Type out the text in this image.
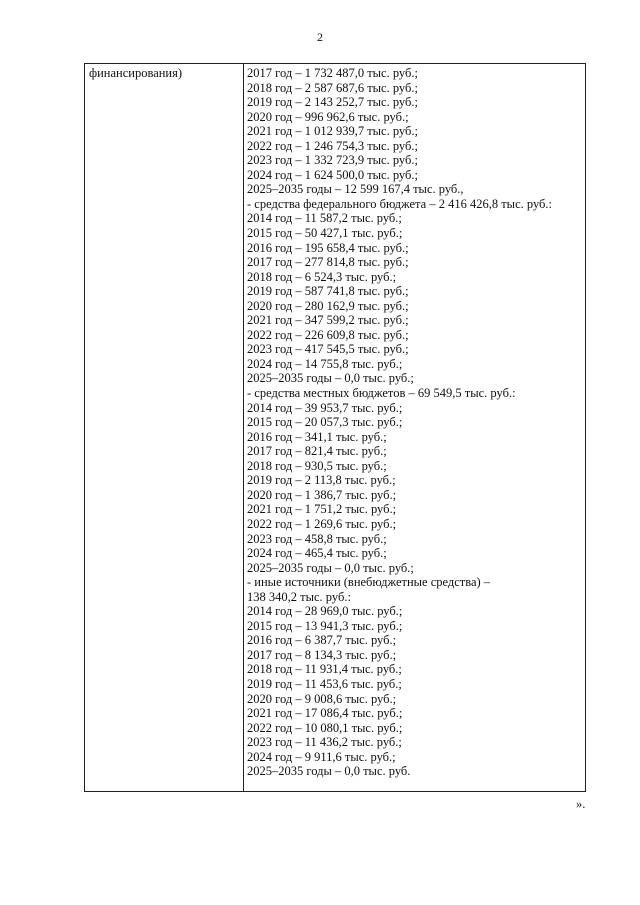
2
финансирования)	2017 год – 1 732 487,0 тыс. руб.;
2018 год – 2 587 687,6 тыс. руб.;
2019 год – 2 143 252,7 тыс. руб.;
2020 год – 996 962,6 тыс. руб.;
2021 год – 1 012 939,7 тыс. руб.;
2022 год – 1 246 754,3 тыс. руб.;
2023 год – 1 332 723,9 тыс. руб.;
2024 год – 1 624 500,0 тыс. руб.;
2025–2035 годы – 12 599 167,4 тыс. руб.,
- средства федерального бюджета – 2 416 426,8 тыс. руб.:
2014 год – 11 587,2 тыс. руб.;
2015 год – 50 427,1 тыс. руб.;
2016 год – 195 658,4 тыс. руб.;
2017 год – 277 814,8 тыс. руб.;
2018 год – 6 524,3 тыс. руб.;
2019 год – 587 741,8 тыс. руб.;
2020 год – 280 162,9 тыс. руб.;
2021 год – 347 599,2 тыс. руб.;
2022 год – 226 609,8 тыс. руб.;
2023 год – 417 545,5 тыс. руб.;
2024 год – 14 755,8 тыс. руб.;
2025–2035 годы – 0,0 тыс. руб.;
- средства местных бюджетов – 69 549,5 тыс. руб.:
2014 год – 39 953,7 тыс. руб.;
2015 год – 20 057,3 тыс. руб.;
2016 год – 341,1 тыс. руб.;
2017 год – 821,4 тыс. руб.;
2018 год – 930,5 тыс. руб.;
2019 год – 2 113,8 тыс. руб.;
2020 год – 1 386,7 тыс. руб.;
2021 год – 1 751,2 тыс. руб.;
2022 год – 1 269,6 тыс. руб.;
2023 год – 458,8 тыс. руб.;
2024 год – 465,4 тыс. руб.;
2025–2035 годы – 0,0 тыс. руб.;
- иные источники (внебюджетные средства) –
138 340,2 тыс. руб.:
2014 год – 28 969,0 тыс. руб.;
2015 год – 13 941,3 тыс. руб.;
2016 год – 6 387,7 тыс. руб.;
2017 год – 8 134,3 тыс. руб.;
2018 год – 11 931,4 тыс. руб.;
2019 год – 11 453,6 тыс. руб.;
2020 год – 9 008,6 тыс. руб.;
2021 год – 17 086,4 тыс. руб.;
2022 год – 10 080,1 тыс. руб.;
2023 год – 11 436,2 тыс. руб.;
2024 год – 9 911,6 тыс. руб.;
2025–2035 годы – 0,0 тыс. руб.
».
